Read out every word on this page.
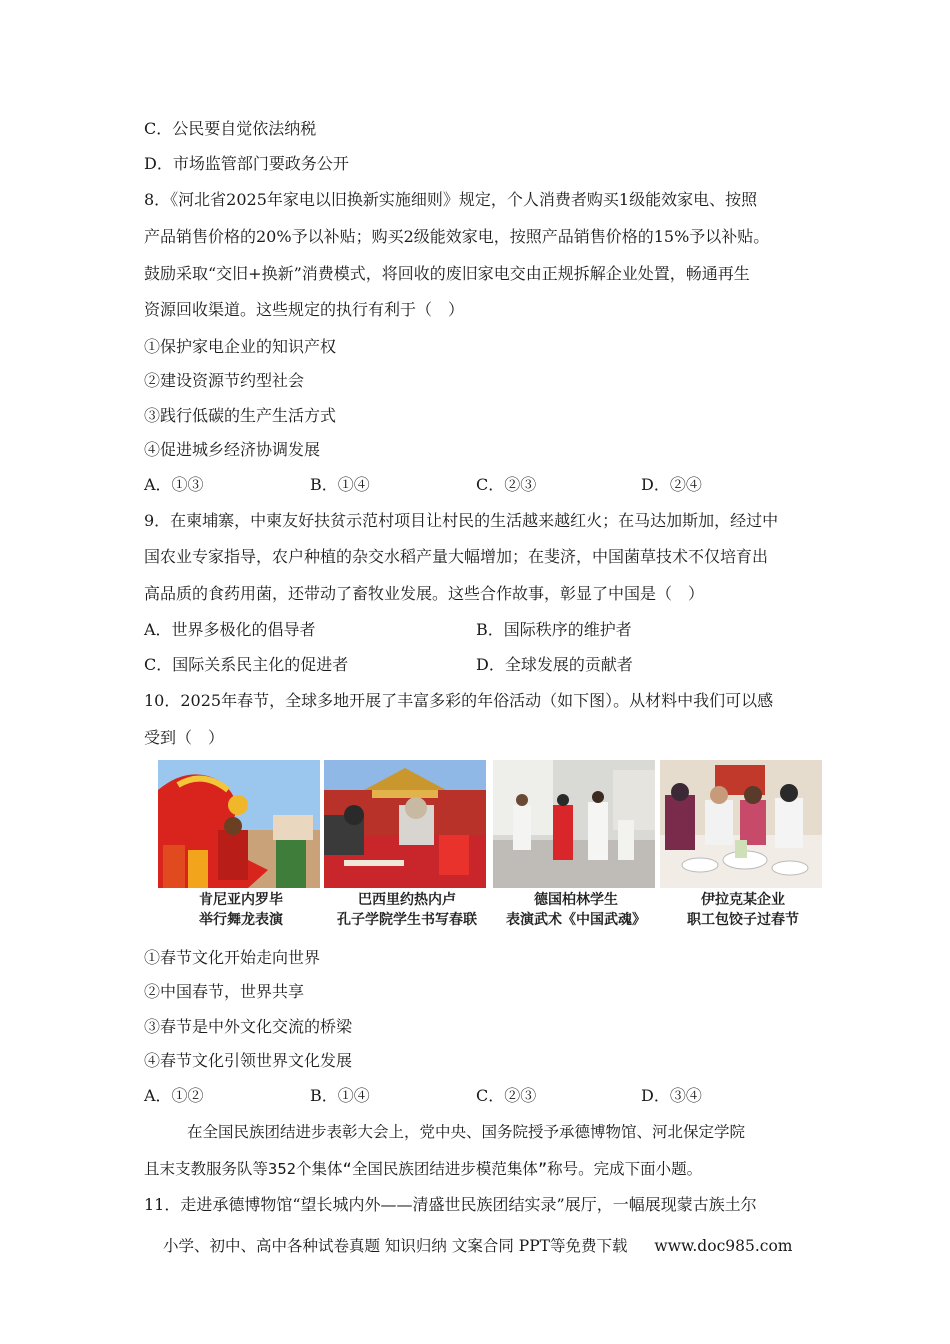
C．公民要自觉依法纳税
D．市场监管部门要政务公开
8．《河北省2025年家电以旧换新实施细则》规定，个人消费者购买1级能效家电、按照
产品销售价格的20%予以补贴；购买2级能效家电，按照产品销售价格的15%予以补贴。
鼓励采取“交旧+换新”消费模式，将回收的废旧家电交由正规拆解企业处置，畅通再生
资源回收渠道。这些规定的执行有利于（　）
①保护家电企业的知识产权
②建设资源节约型社会
③践行低碳的生产生活方式
④促进城乡经济协调发展
A．①③	B．①④	C．②③	D．②④
9．在柬埔寨，中柬友好扶贫示范村项目让村民的生活越来越红火；在马达加斯加，经过中
国农业专家指导，农户种植的杂交水稻产量大幅增加；在斐济，中国菌草技术不仅培育出
高品质的食药用菌，还带动了畜牧业发展。这些合作故事，彰显了中国是（　）
A．世界多极化的倡导者	B．国际秩序的维护者
C．国际关系民主化的促进者	D．全球发展的贡献者
10．2025年春节，全球多地开展了丰富多彩的年俗活动（如下图）。从材料中我们可以感
受到（　）
肯尼亚内罗毕
举行舞龙表演
巴西里约热内卢
孔子学院学生书写春联
德国柏林学生
表演武术《中国武魂》
伊拉克某企业
职工包饺子过春节
①春节文化开始走向世界
②中国春节，世界共享
③春节是中外文化交流的桥梁
④春节文化引领世界文化发展
A．①②	B．①④	C．②③	D．③④
在全国民族团结进步表彰大会上，党中央、国务院授予承德博物馆、河北保定学院
且末支教服务队等352个集体“全国民族团结进步模范集体”称号。完成下面小题。
11．走进承德博物馆“望长城内外——清盛世民族团结实录”展厅，一幅展现蒙古族土尔
小学、初中、高中各种试卷真题 知识归纳 文案合同 PPT等免费下载 www.doc985.com
